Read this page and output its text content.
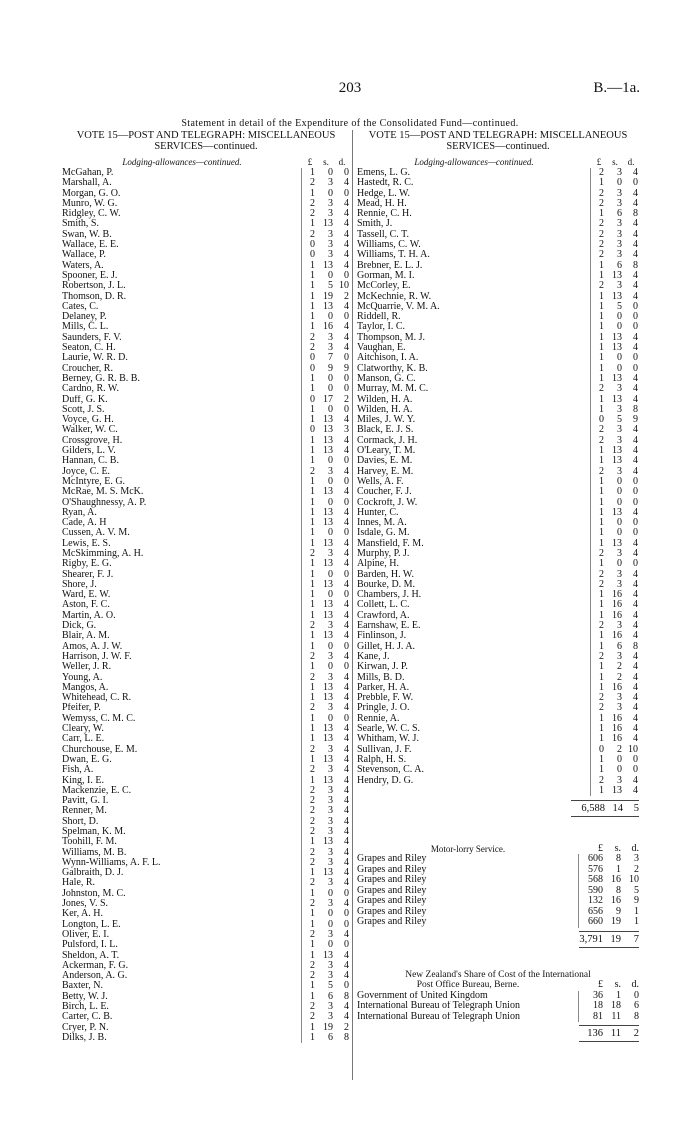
203	B.—1a.
Statement in detail of the Expenditure of the Consolidated Fund—continued.
VOTE 15—POST AND TELEGRAPH: MISCELLANEOUS SERVICES—continued.
Lodging-allowances—continued.	£	s.	d.
McGahan, P.	1	0	0
Marshall, A.	2	3	4
Morgan, G. O.	1	0	0
Munro, W. G.	2	3	4
Ridgley, C. W.	2	3	4
Smith, S.	1 13	4
Swan, W. B.	2	3	4
Wallace, E. E.	0	3	4
Wallace, P.	0	3	4
Waters, A.	1 13	4
Spooner, E. J.	1	0	0
Robertson, J. L.	1	5 10
Thomson, D. R.	1 19	2
Cates, C.	1 13	4
Delaney, P.	1	0	0
Mills, C. L.	1 16	4
Saunders, F. V.	2	3	4
Seaton, C. H.	2	3	4
Laurie, W. R. D.	0	7	0
Croucher, R.	0	9	9
Berney, G. R. B. B.	1	0	0
Cardno, R. W.	1	0	0
Duff, G. K.	0 17	2
Scott, J. S.	1	0	0
Voyce, G. H.	1 13	4
Walker, W. C.	0 13	3
Crossgrove, H.	1 13	4
Gilders, L. V.	1 13	4
Hannan, C. B.	1	0	0
Joyce, C. E.	2	3	4
McIntyre, E. G.	1	0	0
McRae, M. S. McK.	1 13	4
O'Shaughnessy, A. P.	1	0	0
Ryan, A.	1 13	4
Cade, A. H	1 13	4
Cussen, A. V. M.	1	0	0
Lewis, E. S.	1 13	4
McSkimming, A. H.	2	3	4
Rigby, E. G.	1 13	4
Shearer, F. J.	1	0	0
Shore, J.	1 13	4
Ward, E. W.	1	0	0
Aston, F. C.	1 13	4
Martin, A. O.	1 13	4
Dick, G.	2	3	4
Blair, A. M.	1 13	4
Amos, A. J. W.	1	0	0
Harrison, J. W. F.	2	3	4
Weller, J. R.	1	0	0
Young, A.	2	3	4
Mangos, A.	1 13	4
Whitehead, C. R.	1 13	4
Pfeifer, P.	2	3	4
Wemyss, C. M. C.	1	0	0
Cleary, W.	1 13	4
Carr, L. E.	1 13	4
Churchouse, E. M.	2	3	4
Dwan, E. G.	1 13	4
Fish, A.	2	3	4
King, I. E.	1 13	4
Mackenzie, E. C.	2	3	4
Pavitt, G. I.	2	3	4
Renner, M.	2	3	4
Short, D.	2	3	4
Spelman, K. M.	2	3	4
Toohill, F. M.	1 13	4
Williams, M. B.	2	3	4
Wynn-Williams, A. F. L.	2	3	4
Galbraith, D. J.	1 13	4
Hale, R.	2	3	4
Johnston, M. C.	1	0	0
Jones, V. S.	2	3	4
Ker, A. H.	1	0	0
Longton, L. E.	1	0	0
Oliver, E. I.	2	3	4
Pulsford, I. L.	1	0	0
Sheldon, A. T.	1 13	4
Ackerman, F. G.	2	3	4
Anderson, A. G.	2	3	4
Baxter, N.	1	5	0
Betty, W. J.	1	6	8
Birch, L. E.	2	3	4
Carter, C. B.	2	3	4
Cryer, P. N.	1 19	2
Dilks, J. B.	1	6	8
VOTE 15—POST AND TELEGRAPH: MISCELLANEOUS SERVICES—continued.
Lodging-allowances—continued.	£	s.	d.
Emens, L. G.	2	3	4
Hastedt, R. C.	1	0	0
Hedge, L. W.	2	3	4
Mead, H. H.	2	3	4
Rennie, C. H.	1	6	8
Smith, J.	2	3	4
Tassell, C. T.	2	3	4
Williams, C. W.	2	3	4
Williams, T. H. A.	2	3	4
Brebner, E. L. J.	1	6	8
Gorman, M. I.	1 13	4
McCorley, E.	2	3	4
McKechnie, R. W.	1 13	4
McQuarrie, V. M. A.	1	5	0
Riddell, R.	1	0	0
Taylor, I. C.	1	0	0
Thompson, M. J.	1 13	4
Vaughan, E.	1 13	4
Aitchison, I. A.	1	0	0
Clatworthy, K. B.	1	0	0
Manson, G. C.	1 13	4
Murray, M. M. C.	2	3	4
Wilden, H. A.	1 13	4
Wilden, H. A.	1	3	8
Miles, J. W. Y.	0	5	9
Black, E. J. S.	2	3	4
Cormack, J. H.	2	3	4
O'Leary, T. M.	1 13	4
Davies, E. M.	1 13	4
Harvey, E. M.	2	3	4
Wells, A. F.	1	0	0
Coucher, F. J.	1	0	0
Cockroft, J. W.	1	0	0
Hunter, C.	1 13	4
Innes, M. A.	1	0	0
Isdale, G. M.	1	0	0
Mansfield, F. M.	1 13	4
Murphy, P. J.	2	3	4
Alpine, H.	1	0	0
Barden, H. W.	2	3	4
Bourke, D. M.	2	3	4
Chambers, J. H.	1 16	4
Collett, L. C.	1 16	4
Crawford, A.	1 16	4
Earnshaw, E. E.	2	3	4
Finlinson, J.	1 16	4
Gillet, H. J. A.	1	6	8
Kane, J.	2	3	4
Kirwan, J. P.	1	2	4
Mills, B. D.	1	2	4
Parker, H. A.	1 16	4
Prebble, F. W.	2	3	4
Pringle, J. O.	2	3	4
Rennie, A.	1 16	4
Searle, W. C. S.	1 16	4
Whitham, W. J.	1 16	4
Sullivan, J. F.	0	2 10
Ralph, H. S.	1	0	0
Stevenson, C. A.	1	0	0
Hendry, D. G.	2	3	4
1 13	4
6,588 14	5
Motor-lorry Service.	£	s.	d.
Grapes and Riley	606	8	3
Grapes and Riley	576	1	2
Grapes and Riley	568 16 10
Grapes and Riley	590	8	5
Grapes and Riley	132 16	9
Grapes and Riley	656	9	1
Grapes and Riley	660 19	1
3,791 19	7
New Zealand's Share of Cost of the International
Post Office Bureau, Berne.	£	s.	d.
Government of United Kingdom	36	1	0
International Bureau of Telegraph Union	18 18	6
International Bureau of Telegraph Union	81 11	8
136 11	2
